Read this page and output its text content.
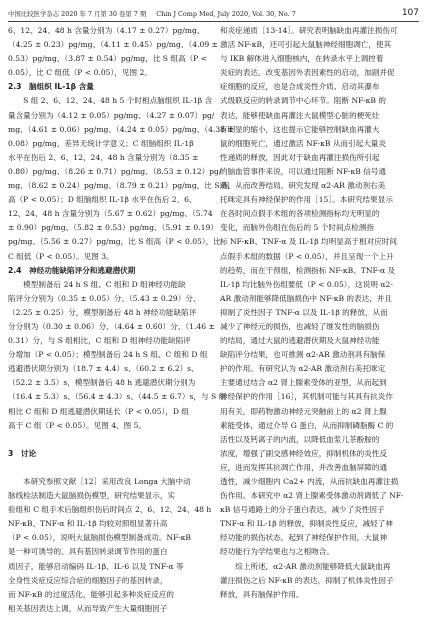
中国比较医学杂志 2020 年 7 月第 30 卷第 7 期 Chin J Comp Med, July 2020, Vol. 30, No. 7	107
6、12、24、48 h 含量分别为（4.17 ± 0.27）pg/mg、
（4.25 ± 0.23）pg/mg、（4.11 ± 0.45）pg/mg、（4.09 ±
0.53）pg/mg、（3.87 ± 0.54）pg/mg，比 S 组高（P <
0.05），比 C 组低（P < 0.05），见图 2。
2.3　脑组织 IL-1β 含量
　　S 组 2、6、12、24、48 h 5 个时相点脑组织 IL-1β 含
量含量分别为（4.12 ± 0.05）pg/mg、（4.27 ± 0.07）pg/
mg、（4.61 ± 0.06）pg/mg、（4.24 ± 0.05）pg/mg、（4.38 ±
0.08）pg/mg，差异无统计学意义；C 组脑组织 IL-1β
水平在伤后 2、6、12、24、48 h 含量分别为（8.35 ±
0.80）pg/mg、（8.26 ± 0.71）pg/mg、（8.53 ± 0.12）pg/
mg、（8.62 ± 0.24）pg/mg、（8.79 ± 0.21）pg/mg，比 S 组
高（P < 0.05）；D 组脑组织 IL-1β 水平在伤后 2、6、
12、24、48 h 含量分别为（5.67 ± 0.62）pg/mg、（5.74
± 0.90）pg/mg、（5.82 ± 0.53）pg/mg、（5.91 ± 0.19）
pg/mg、（5.56 ± 0.27）pg/mg，比 S 组高（P < 0.05），比
C 组低（P < 0.05）。见图 3。
2.4　神经功能缺陷评分和逃避潜伏期
　　模型制备后 24 h S 组、C 组和 D 组神经功能缺
陷评分分别为（0.35 ± 0.05）分、（5.43 ± 0.29）分、
（2.25 ± 0.25）分，模型制备后 48 h 神经功能缺陷评
分分别为（0.30 ± 0.06）分、（4.64 ± 0.60）分、（1.46 ±
0.31）分，与 S 组相比，C 组和 D 组神经功能缺陷评
分增加（P < 0.05）；模型制备后 24 h S 组、C 组和 D 组
逃避潜伏期分别为（18.7 ± 4.4）s、（60.2 ± 6.2）s、
（52.2 ± 3.5）s，模型制备后 48 h 逃避潜伏期分别为
（16.4 ± 5.3）s、（56.4 ± 4.3）s、（44.5 ± 6.7）s，与 S 组
相比 C 组和 D 组逃避潜伏期延长（P < 0.05），D 组
高于 C 组（P < 0.05）。见图 4、图 5。
3　讨论
　　本研究参照文献［12］采用改良 Longa 大脑中动
脉线栓法制造大鼠脑损伤模型，研究结果显示，实
验组和 C 组手术后脑组织伤后时间点 2、6、12、24、48 h
NF-κB、TNF-α 和 IL-1β 均较对照组显著升高
（P < 0.05），说明大鼠脑损伤模型制备成功。NF-κB
是一种可诱导的、具有基因转录调节作用的蛋白
质因子，能够启动编码 IL-1β、IL-6 以及 TNF-α 等
全身性炎症反应综合症的细胞因子的基因转录，
而 NF-κB 的过度活化，能够引起多种炎症反应的
相关基因表达上调，从而导致产生大量细胞因子
和炎症递质［13-14］。研究表明脑缺血再灌注损伤可
激活 NF-κB，还可引起大鼠脑神经细胞凋亡，使其
与 IKB 解体进入细胞核内，在转录水平上调控着
炎症的表达，改变基因外表因素性的启动，加剧并促
症细胞的反应，也是合成炎性介质、启动其瀑布
式级联反应的转录调节中心环节。阻断 NF-κB 的
表达，能够使缺血再灌注大鼠模型心脏的梗死灶
有明显的缩小，这也提示它能够控制缺血再灌大
鼠的细胞死亡，通过激活 NF-κB 从而引起大量炎
性递质的释放，因此对于缺血再灌注损伤所引起
的脑血管事件来说，可以通过阻断 NF-κB 信号通
路，从而改善结局。研究发现 α2-AR 激动剂右美
托咪定具有神经保护的作用［15］。本研究结果显示
在各时间点假手术组的各项检测指标均无明显的
变化，而脑外伤组在伤后的 5 个时间点检测指
标 NF-κB、TNF-α 及 IL-1β 均明显高于相对应时间
点假手术组的数据（P < 0.05），并且呈现一个上升
的趋势，而在干预组，检测指标 NF-κB、TNF-α 及
IL-1β 均比脑外伤组要低（P < 0.05），这说明 α2-
AR 激动剂能够降低脑损伤中 NF-κB 的表达，并且
抑制了炎性因子 TNF-α 以及 IL-1β 的释放，从而
减少了神经元的损伤，也减轻了继发性的脑损伤
的结局，通过大鼠的逃避潜伏期及大鼠神经功能
缺陷评分结果，也可推测 α2-AR 激动剂具有脑保
护的作用。有研究认为 α2-AR 激动剂右美托咪定
主要通过结合 α2 肾上腺素受体的亚型，从而起到
神经保护的作用［16］，其机制可能与其具有抗炎作
用有关，即药物激动神经元突触前上的 α2 肾上腺
素能受体，通过介导 G 蛋白，从而抑制磷脂酶 C 的
活性以及钙离子的内流，以降低血浆儿茶酚胺的
浓度，增强了副交感神经效应，抑制机体的炎性反
应，进而发挥其抗凋亡作用，并改善血脑屏障的通
透性，减少细胞内 Ca2+ 内流，从而抗缺血再灌注损
伤作用。本研究中 α2 肾上腺素受体激动剂调低了 NF-
κB 信号通路上的分子蛋白表达，减少了炎性因子
TNF-α 和 IL-1β 的释放，抑制炎性反应，减轻了神
经功能的损伤状态，起到了神经保护作用，大鼠神
经功能行为学结果也与之相吻合。
　　综上所述，α2-AR 激动剂能够降低大鼠缺血再
灌注损伤之后 NF-κB 的表达，抑制了机体炎性因子
释放，具有脑保护作用。
